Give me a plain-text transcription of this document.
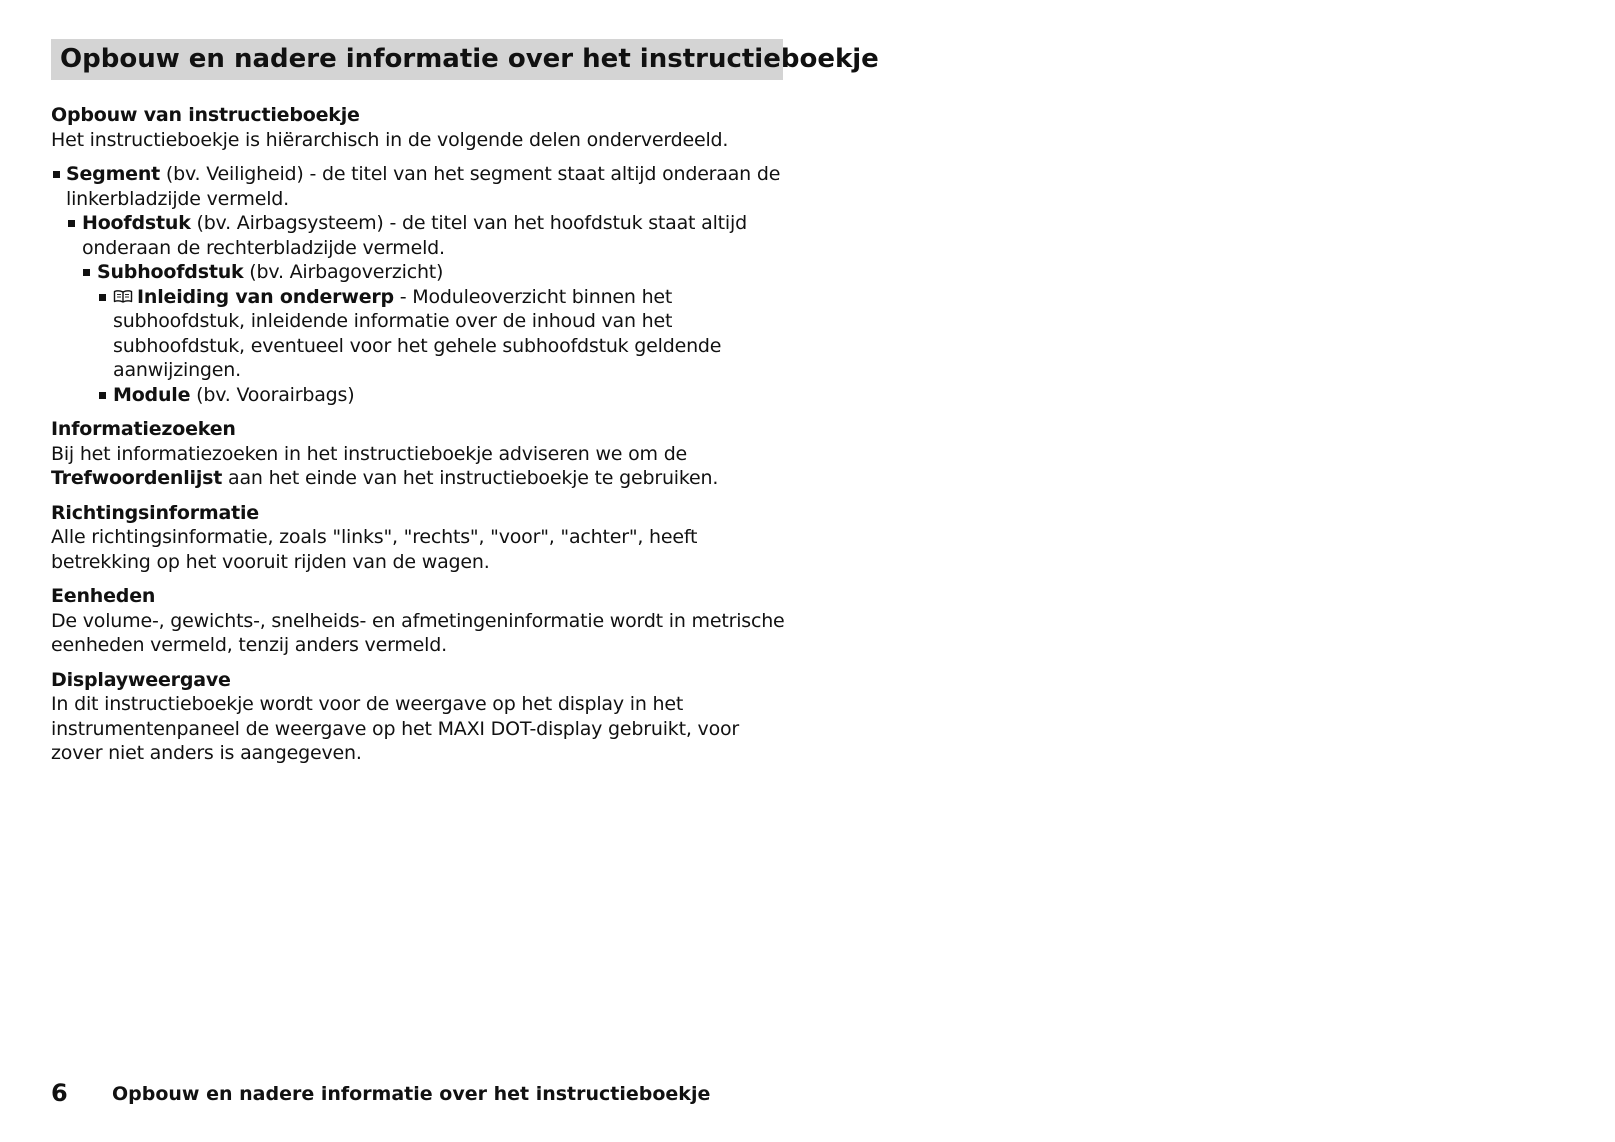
Opbouw en nadere informatie over het instructieboekje

Opbouw van instructieboekje

Het instructieboekje is hiërarchisch in de volgende delen onderverdeeld.

Segment (bv. Veiligheid) - de titel van het segment staat altijd onderaan de linkerbladzijde vermeld.
Hoofdstuk (bv. Airbagsysteem) - de titel van het hoofdstuk staat altijd onderaan de rechterbladzijde vermeld.
Subhoofdstuk (bv. Airbagoverzicht)
Inleiding van onderwerp - Moduleoverzicht binnen het subhoofdstuk, inleidende informatie over de inhoud van het subhoofdstuk, eventueel voor het gehele subhoofdstuk geldende aanwijzingen.
Module (bv. Voorairbags)

Informatiezoeken

Bij het informatiezoeken in het instructieboekje adviseren we om de Trefwoordenlijst aan het einde van het instructieboekje te gebruiken.

Richtingsinformatie

Alle richtingsinformatie, zoals "links", "rechts", "voor", "achter", heeft betrekking op het vooruit rijden van de wagen.

Eenheden

De volume-, gewichts-, snelheids- en afmetingeninformatie wordt in metrische eenheden vermeld, tenzij anders vermeld.

Displayweergave

In dit instructieboekje wordt voor de weergave op het display in het instrumentenpaneel de weergave op het MAXI DOT-display gebruikt, voor zover niet anders is aangegeven.

6 Opbouw en nadere informatie over het instructieboekje
